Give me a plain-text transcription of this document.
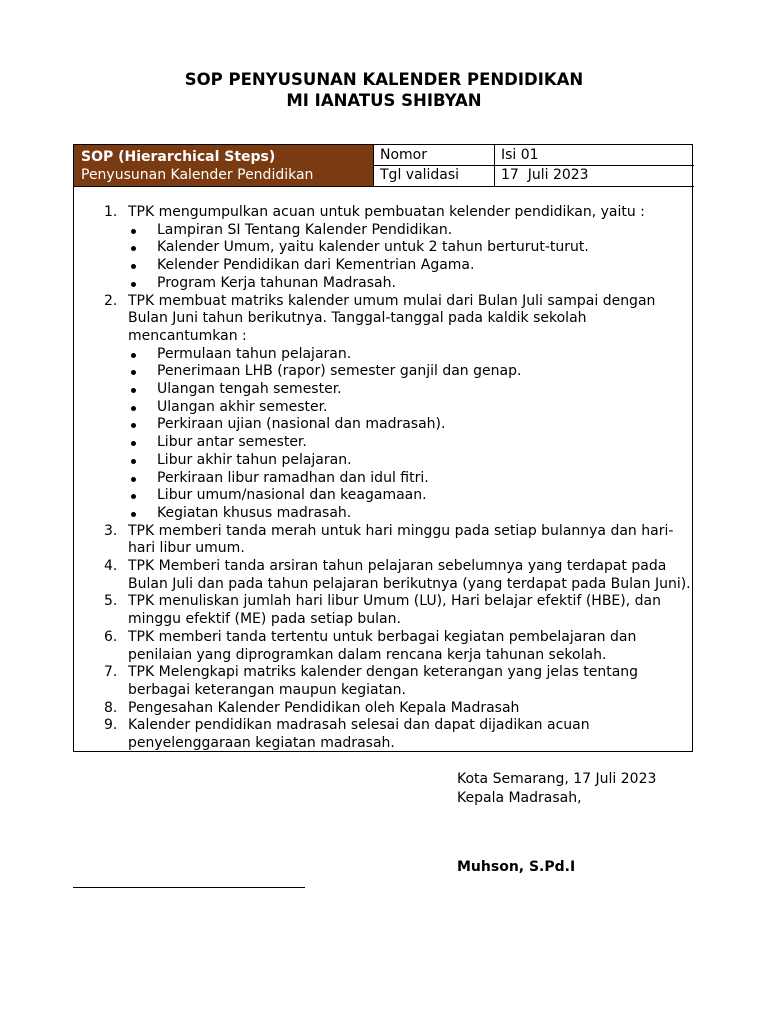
SOP PENYUSUNAN KALENDER PENDIDIKAN
MI IANATUS SHIBYAN
SOP (Hierarchical Steps)
Penyusunan Kalender Pendidikan
Nomor	Isi 01
Tgl validasi	17  Juli 2023
1. TPK mengumpulkan acuan untuk pembuatan kelender pendidikan, yaitu :
Lampiran SI Tentang Kalender Pendidikan.
Kalender Umum, yaitu kalender untuk 2 tahun berturut-turut.
Kelender Pendidikan dari Kementrian Agama.
Program Kerja tahunan Madrasah.
2. TPK membuat matriks kalender umum mulai dari Bulan Juli sampai dengan Bulan Juni tahun berikutnya. Tanggal-tanggal pada kaldik sekolah mencantumkan :
Permulaan tahun pelajaran.
Penerimaan LHB (rapor) semester ganjil dan genap.
Ulangan tengah semester.
Ulangan akhir semester.
Perkiraan ujian (nasional dan madrasah).
Libur antar semester.
Libur akhir tahun pelajaran.
Perkiraan libur ramadhan dan idul fitri.
Libur umum/nasional dan keagamaan.
Kegiatan khusus madrasah.
3. TPK memberi tanda merah untuk hari minggu pada setiap bulannya dan hari-hari libur umum.
4. TPK Memberi tanda arsiran tahun pelajaran sebelumnya yang terdapat pada Bulan Juli dan pada tahun pelajaran berikutnya (yang terdapat pada Bulan Juni).
5. TPK menuliskan jumlah hari libur Umum (LU), Hari belajar efektif (HBE), dan minggu efektif (ME) pada setiap bulan.
6. TPK memberi tanda tertentu untuk berbagai kegiatan pembelajaran dan penilaian yang diprogramkan dalam rencana kerja tahunan sekolah.
7. TPK Melengkapi matriks kalender dengan keterangan yang jelas tentang berbagai keterangan maupun kegiatan.
8. Pengesahan Kalender Pendidikan oleh Kepala Madrasah
9. Kalender pendidikan madrasah selesai dan dapat dijadikan acuan penyelenggaraan kegiatan madrasah.
Kota Semarang, 17 Juli 2023
Kepala Madrasah,
Muhson, S.Pd.I
